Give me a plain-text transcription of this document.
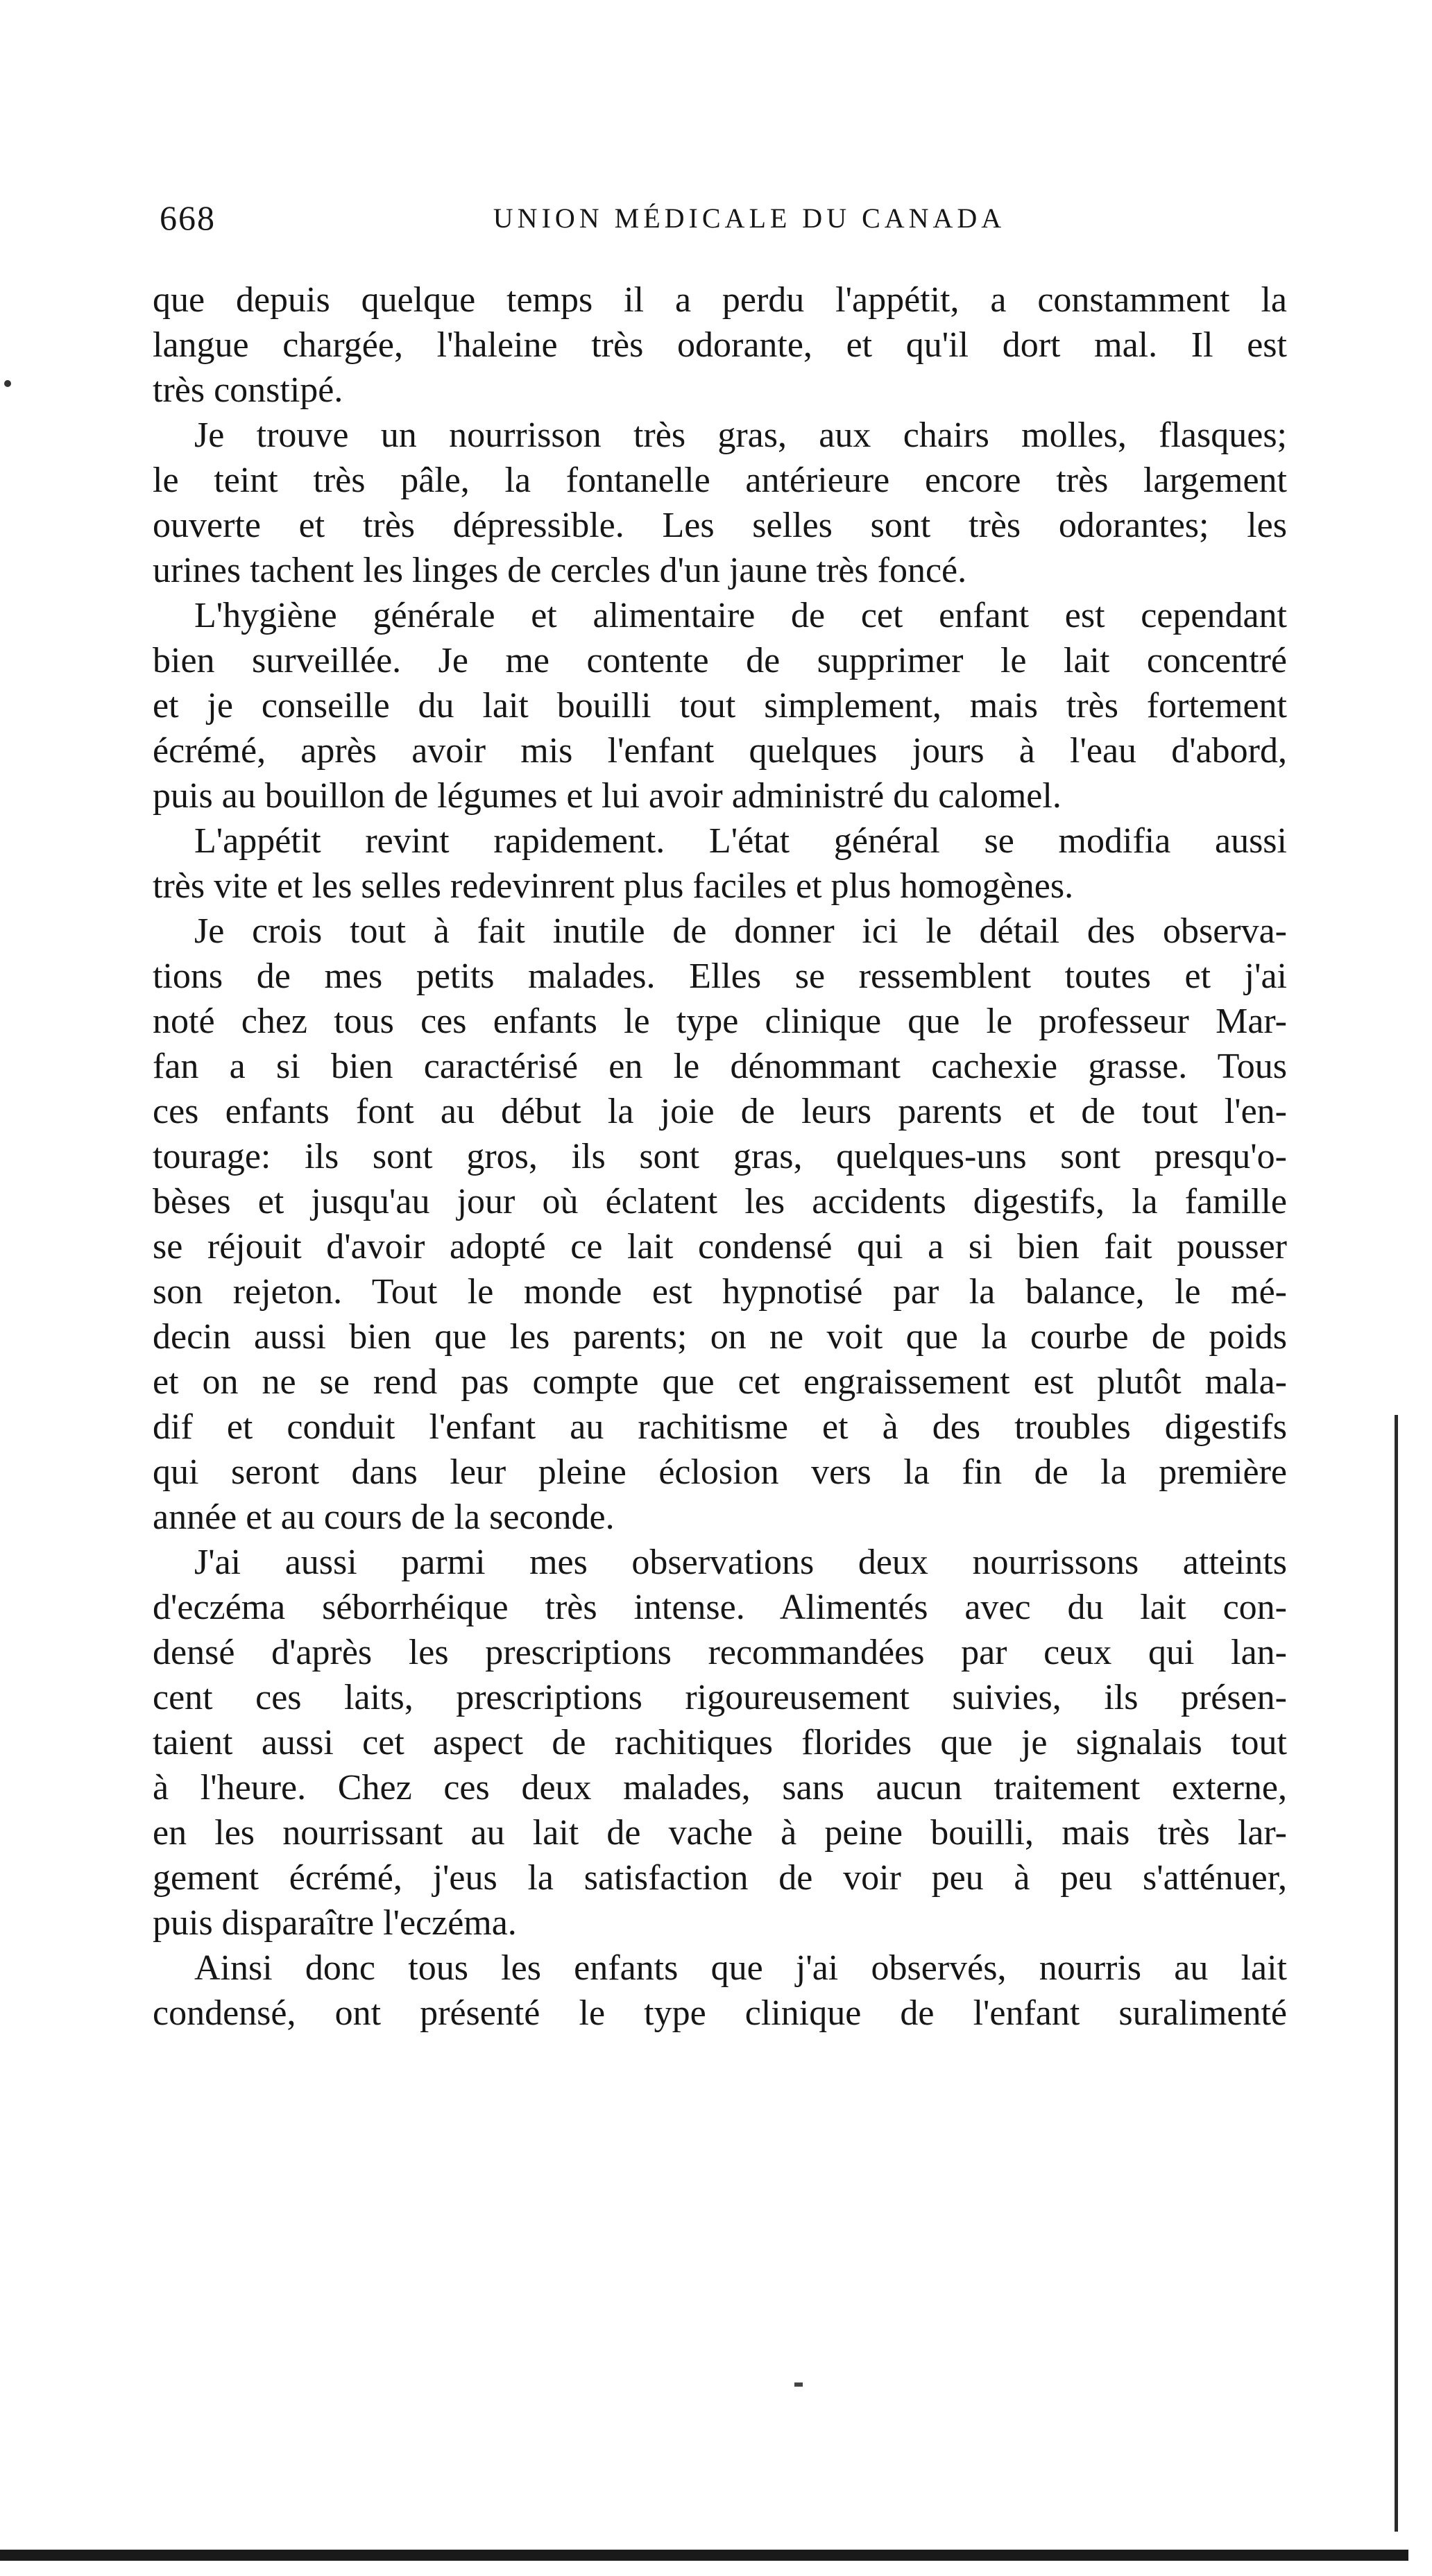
668	UNION MÉDICALE DU CANADA
que depuis quelque temps il a perdu l'appétit, a constamment la
langue chargée, l'haleine très odorante, et qu'il dort mal. Il est
très constipé.
Je trouve un nourrisson très gras, aux chairs molles, flasques;
le teint très pâle, la fontanelle antérieure encore très largement
ouverte et très dépressible. Les selles sont très odorantes; les
urines tachent les linges de cercles d'un jaune très foncé.
L'hygiène générale et alimentaire de cet enfant est cependant
bien surveillée. Je me contente de supprimer le lait concentré
et je conseille du lait bouilli tout simplement, mais très fortement
écrémé, après avoir mis l'enfant quelques jours à l'eau d'abord,
puis au bouillon de légumes et lui avoir administré du calomel.
L'appétit revint rapidement. L'état général se modifia aussi
très vite et les selles redevinrent plus faciles et plus homogènes.
Je crois tout à fait inutile de donner ici le détail des observa-
tions de mes petits malades. Elles se ressemblent toutes et j'ai
noté chez tous ces enfants le type clinique que le professeur Mar-
fan a si bien caractérisé en le dénommant cachexie grasse. Tous
ces enfants font au début la joie de leurs parents et de tout l'en-
tourage: ils sont gros, ils sont gras, quelques-uns sont presqu'o-
bèses et jusqu'au jour où éclatent les accidents digestifs, la famille
se réjouit d'avoir adopté ce lait condensé qui a si bien fait pousser
son rejeton. Tout le monde est hypnotisé par la balance, le mé-
decin aussi bien que les parents; on ne voit que la courbe de poids
et on ne se rend pas compte que cet engraissement est plutôt mala-
dif et conduit l'enfant au rachitisme et à des troubles digestifs
qui seront dans leur pleine éclosion vers la fin de la première
année et au cours de la seconde.
J'ai aussi parmi mes observations deux nourrissons atteints
d'eczéma séborrhéique très intense. Alimentés avec du lait con-
densé d'après les prescriptions recommandées par ceux qui lan-
cent ces laits, prescriptions rigoureusement suivies, ils présen-
taient aussi cet aspect de rachitiques florides que je signalais tout
à l'heure. Chez ces deux malades, sans aucun traitement externe,
en les nourrissant au lait de vache à peine bouilli, mais très lar-
gement écrémé, j'eus la satisfaction de voir peu à peu s'atténuer,
puis disparaître l'eczéma.
Ainsi donc tous les enfants que j'ai observés, nourris au lait
condensé, ont présenté le type clinique de l'enfant suralimenté
